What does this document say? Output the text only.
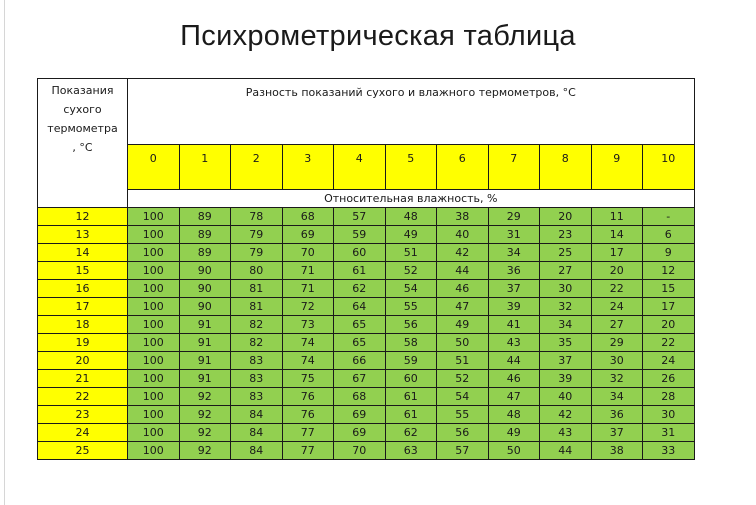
Психрометрическая таблица
Показания
сухого
термометра
, °С	Разность показаний сухого и влажного термометров, °С										
	0	1	2	3	4	5	6	7	8	9	10
	Относительная влажность, %										
12	100	89	78	68	57	48	38	29	20	11	-
13	100	89	79	69	59	49	40	31	23	14	6
14	100	89	79	70	60	51	42	34	25	17	9
15	100	90	80	71	61	52	44	36	27	20	12
16	100	90	81	71	62	54	46	37	30	22	15
17	100	90	81	72	64	55	47	39	32	24	17
18	100	91	82	73	65	56	49	41	34	27	20
19	100	91	82	74	65	58	50	43	35	29	22
20	100	91	83	74	66	59	51	44	37	30	24
21	100	91	83	75	67	60	52	46	39	32	26
22	100	92	83	76	68	61	54	47	40	34	28
23	100	92	84	76	69	61	55	48	42	36	30
24	100	92	84	77	69	62	56	49	43	37	31
25	100	92	84	77	70	63	57	50	44	38	33
